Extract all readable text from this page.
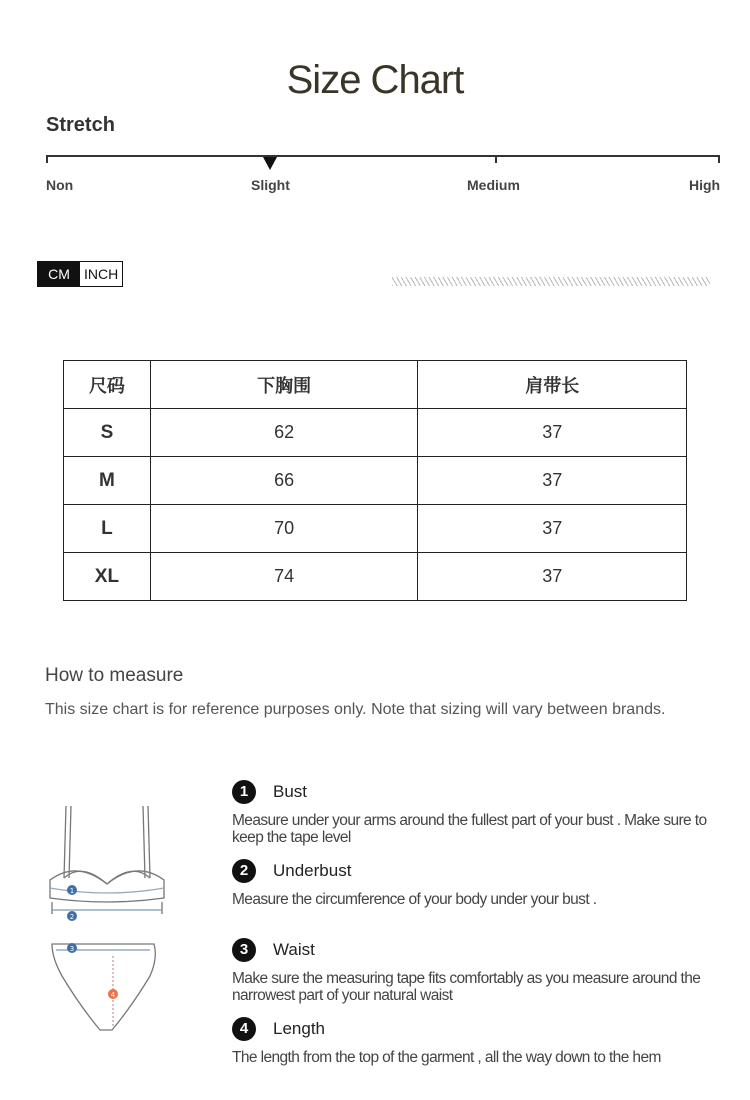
Size Chart
Stretch
Non	Slight	Medium	High
CM	INCH
尺码	下胸围	肩带长
S	62	37
M	66	37
L	70	37
XL	74	37
How to measure
This size chart is for reference purposes only. Note that sizing will vary between brands.
1
2
3
4
1	Bust
Measure under your arms around the fullest part of your bust . Make sure to keep the tape level
2	Underbust
Measure the circumference of your body under your bust .
3	Waist
Make sure the measuring tape fits comfortably as you measure around the narrowest part of your natural waist
4	Length
The length from the top of the garment , all the way down to the hem
